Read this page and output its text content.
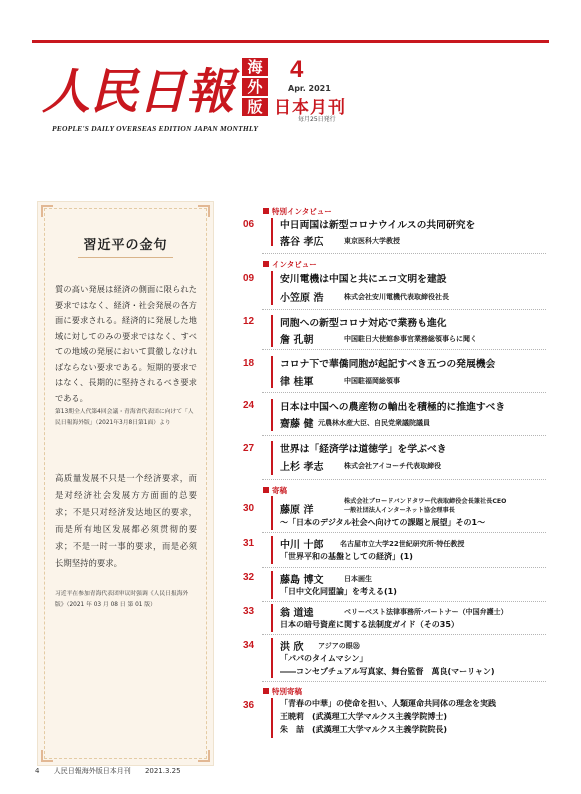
人民日報 海
外
版
4
Apr. 2021
日本月刊
毎月25日発行
PEOPLE'S DAILY OVERSEAS EDITION JAPAN MONTHLY
習近平の金句
質の高い発展は経済の側面に限られた要求ではなく、経済・社会発展の各方面に要求される。経済的に発展した地域に対してのみの要求ではなく、すべての地域の発展において貫徹しなければならない要求である。短期的要求ではなく、長期的に堅持されるべき要求である。
第13期全人代第4回会議・青海省代表団に向けて「人民日報海外版」（2021年3月8日第1面）より
高质量发展不只是一个经济要求，而是对经济社会发展方方面面的总要求；不是只对经济发达地区的要求，而是所有地区发展都必须贯彻的要求；不是一时一事的要求，而是必须长期坚持的要求。
习近平在参加青海代表团审议时强调《人民日报海外版》（2021 年 03 月 08 日 第 01 版）
特別インタビュー
06	中日両国は新型コロナウイルスの共同研究を
落谷 孝広	東京医科大学教授
インタビュー
09	安川電機は中国と共にエコ文明を建設
小笠原 浩	株式会社安川電機代表取締役社長
12	同胞への新型コロナ対応で業務も進化
詹 孔朝	中国駐日大使館参事官業務総領事らに聞く
18	コロナ下で華僑同胞が起記すべき五つの発展機会
律 桂軍	中国駐福岡総領事
24	日本は中国への農産物の輸出を積極的に推進すべき
齋藤 健 元農林水産大臣、自民党衆議院議員
27	世界は「経済学は道徳学」を学ぶべき
上杉 孝志	株式会社アイコーチ代表取締役
寄稿
30	藤原 洋
株式会社ブロードバンドタワー代表取締役会長兼社長CEO
一般社団法人インターネット協会理事長
～「日本のデジタル社会へ向けての課題と展望」その1～
31	中川 十郎 名古屋市立大学22世紀研究所·特任教授
「世界平和の基盤としての経済」(1)
32	藤島 博文	日本画生
「日中文化同盟論」を考える(1)
33	翁 道逵	ベリーベスト法律事務所·パートナー（中国弁護士）
日本の暗号資産に関する法制度ガイド（その35）
34	洪 欣 アジアの眼㉘
「パパのタイムマシン」
――コンセプチュアル写真家、舞台監督　萬良(マーリャン)
特別寄稿
36	「青春の中華」の使命を担い、人類運命共同体の理念を実践
王暁莉　(武漢理工大学マルクス主義学院博士)
朱　喆　(武漢理工大学マルクス主義学院院長)
4 人民日報海外版日本月刊 2021.3.25
